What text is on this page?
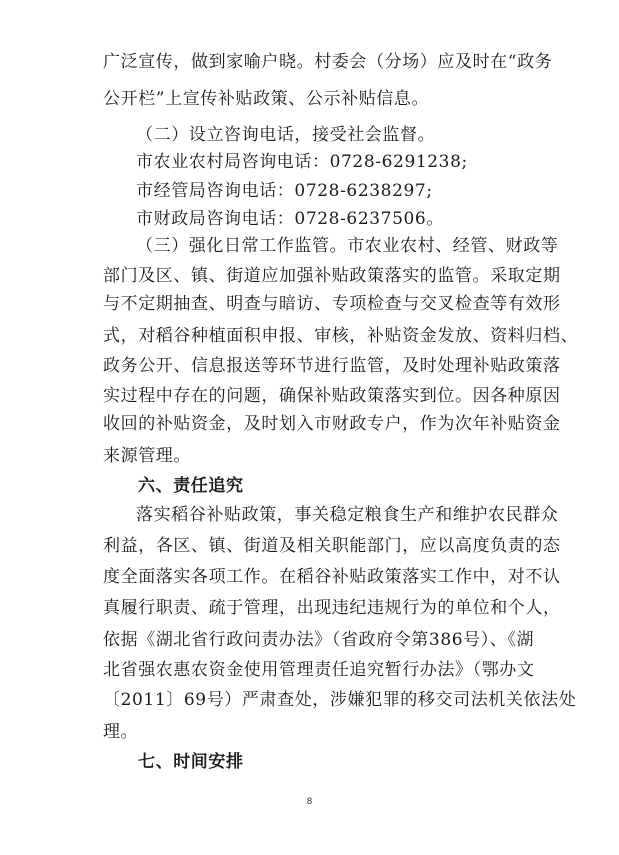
广泛宣传，做到家喻户晓。村委会（分场）应及时在“政务
公开栏”上宣传补贴政策、公示补贴信息。
（二）设立咨询电话，接受社会监督。
市农业农村局咨询电话：0728-6291238;
市经管局咨询电话：0728-6238297;
市财政局咨询电话：0728-6237506。
（三）强化日常工作监管。市农业农村、经管、财政等
部门及区、镇、街道应加强补贴政策落实的监管。采取定期
与不定期抽查、明查与暗访、专项检查与交叉检查等有效形
式，对稻谷种植面积申报、审核，补贴资金发放、资料归档、
政务公开、信息报送等环节进行监管，及时处理补贴政策落
实过程中存在的问题，确保补贴政策落实到位。因各种原因
收回的补贴资金，及时划入市财政专户，作为次年补贴资金
来源管理。
六、责任追究
落实稻谷补贴政策，事关稳定粮食生产和维护农民群众
利益，各区、镇、街道及相关职能部门，应以高度负责的态
度全面落实各项工作。在稻谷补贴政策落实工作中，对不认
真履行职责、疏于管理，出现违纪违规行为的单位和个人，
依据《湖北省行政问责办法》（省政府令第386号）、《湖
北省强农惠农资金使用管理责任追究暂行办法》（鄂办文
〔2011〕69号）严肃查处，涉嫌犯罪的移交司法机关依法处
理。
七、时间安排
8
